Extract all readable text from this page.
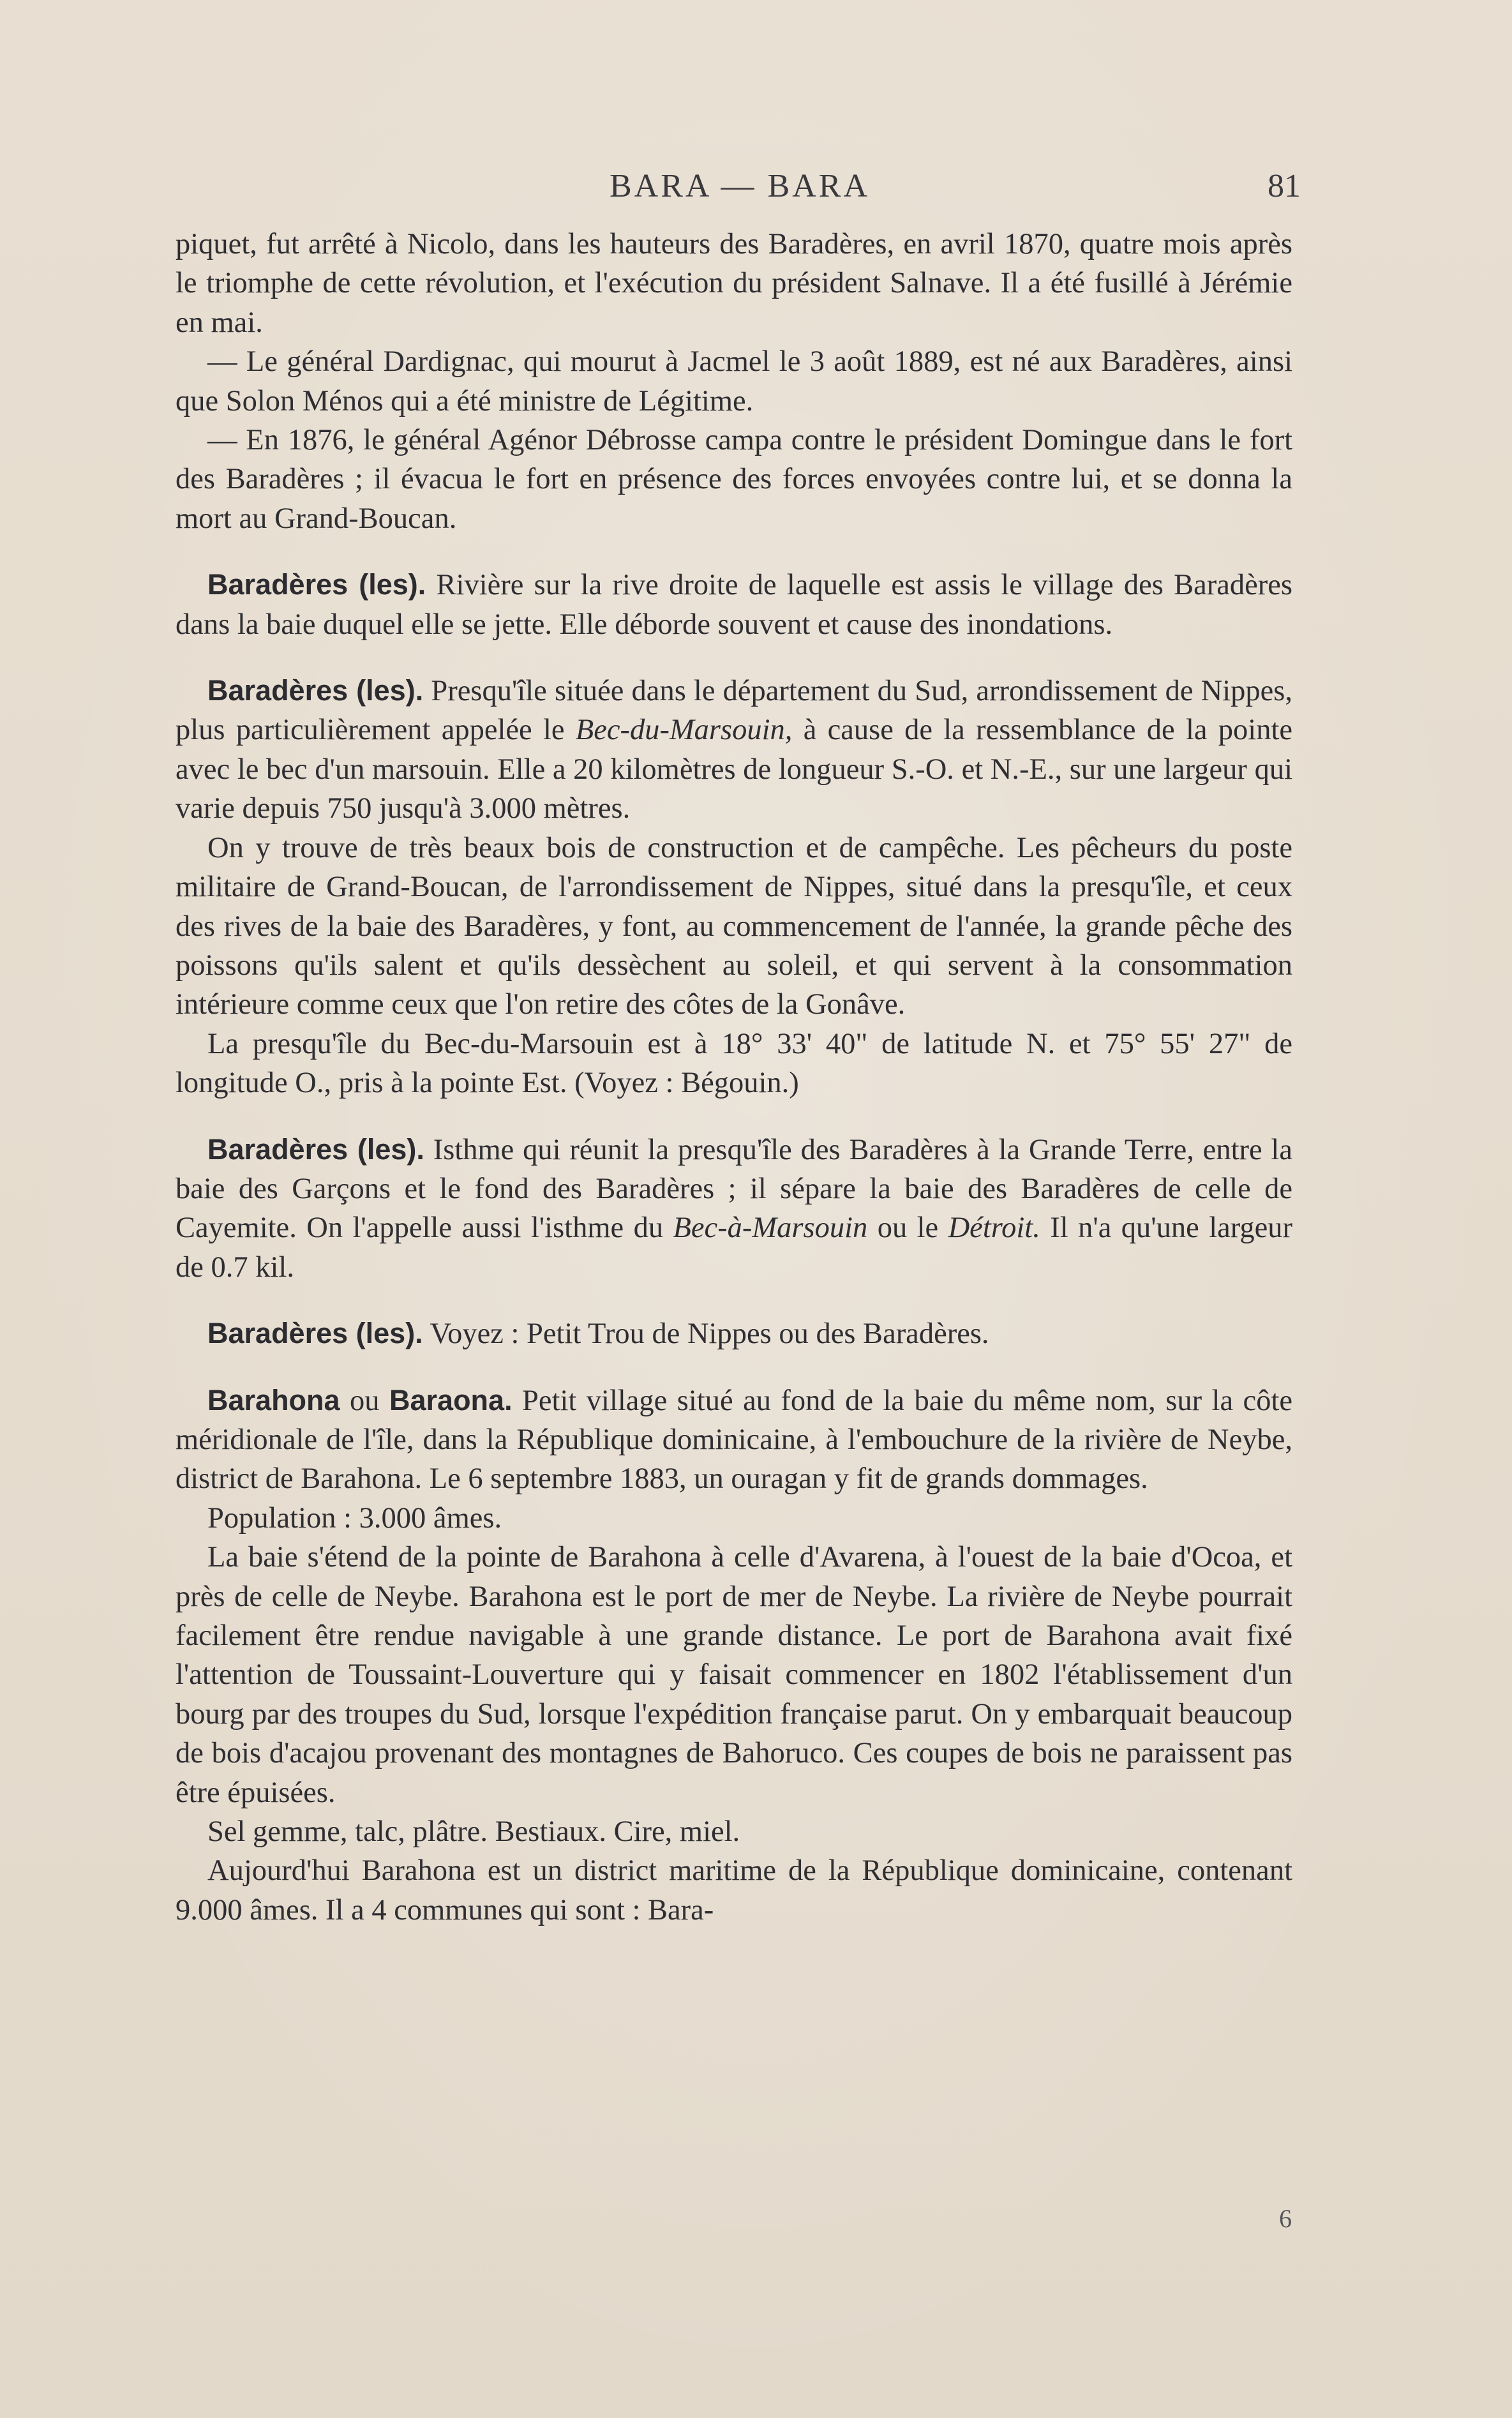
BARA — BARA	81

piquet, fut arrêté à Nicolo, dans les hauteurs des Baradères, en avril 1870, quatre mois après le triomphe de cette révolution, et l'exécution du président Salnave. Il a été fusillé à Jérémie en mai.

— Le général Dardignac, qui mourut à Jacmel le 3 août 1889, est né aux Baradères, ainsi que Solon Ménos qui a été ministre de Légitime.

— En 1876, le général Agénor Débrosse campa contre le président Domingue dans le fort des Baradères ; il évacua le fort en présence des forces envoyées contre lui, et se donna la mort au Grand-Boucan.

Baradères (les). Rivière sur la rive droite de laquelle est assis le village des Baradères dans la baie duquel elle se jette. Elle déborde souvent et cause des inondations.

Baradères (les). Presqu'île située dans le département du Sud, arrondissement de Nippes, plus particulièrement appelée le Bec-du-Marsouin, à cause de la ressemblance de la pointe avec le bec d'un marsouin. Elle a 20 kilomètres de longueur S.-O. et N.-E., sur une largeur qui varie depuis 750 jusqu'à 3.000 mètres.

On y trouve de très beaux bois de construction et de campêche. Les pêcheurs du poste militaire de Grand-Boucan, de l'arrondissement de Nippes, situé dans la presqu'île, et ceux des rives de la baie des Baradères, y font, au commencement de l'année, la grande pêche des poissons qu'ils salent et qu'ils dessèchent au soleil, et qui servent à la consommation intérieure comme ceux que l'on retire des côtes de la Gonâve.

La presqu'île du Bec-du-Marsouin est à 18° 33' 40" de latitude N. et 75° 55' 27" de longitude O., pris à la pointe Est. (Voyez : Bégouin.)

Baradères (les). Isthme qui réunit la presqu'île des Baradères à la Grande Terre, entre la baie des Garçons et le fond des Baradères ; il sépare la baie des Baradères de celle de Cayemite. On l'appelle aussi l'isthme du Bec-à-Marsouin ou le Détroit. Il n'a qu'une largeur de 0.7 kil.

Baradères (les). Voyez : Petit Trou de Nippes ou des Baradères.

Barahona ou Baraona. Petit village situé au fond de la baie du même nom, sur la côte méridionale de l'île, dans la République dominicaine, à l'embouchure de la rivière de Neybe, district de Barahona. Le 6 septembre 1883, un ouragan y fit de grands dommages.

Population : 3.000 âmes.

La baie s'étend de la pointe de Barahona à celle d'Avarena, à l'ouest de la baie d'Ocoa, et près de celle de Neybe. Barahona est le port de mer de Neybe. La rivière de Neybe pourrait facilement être rendue navigable à une grande distance. Le port de Barahona avait fixé l'attention de Toussaint-Louverture qui y faisait commencer en 1802 l'établissement d'un bourg par des troupes du Sud, lorsque l'expédition française parut. On y embarquait beaucoup de bois d'acajou provenant des montagnes de Bahoruco. Ces coupes de bois ne paraissent pas être épuisées.

Sel gemme, talc, plâtre. Bestiaux. Cire, miel.

Aujourd'hui Barahona est un district maritime de la République dominicaine, contenant 9.000 âmes. Il a 4 communes qui sont : Bara-

6
